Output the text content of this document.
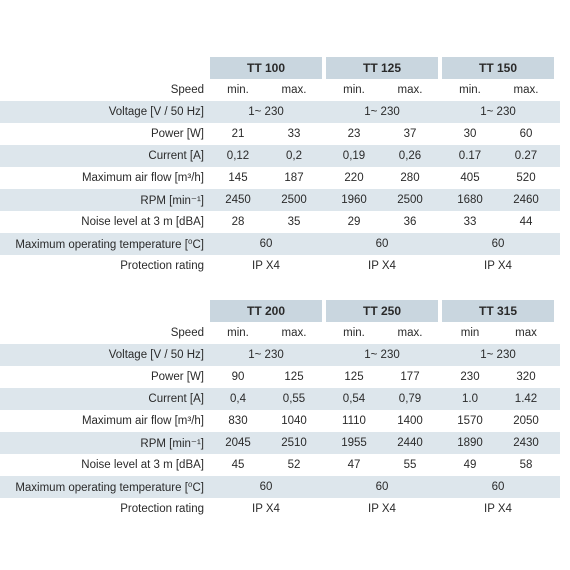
TT 100	TT 125	TT 150
Speed	min.	max.	min.	max.	min.	max.
Voltage [V / 50 Hz]	1~ 230	1~ 230	1~ 230
Power [W]	21	33	23	37	30	60
Current [A]	0,12	0,2	0,19	0,26	0.17	0.27
Maximum air flow [m³/h]	145	187	220	280	405	520
RPM [min⁻¹]	2450	2500	1960	2500	1680	2460
Noise level at 3 m [dBA]	28	35	29	36	33	44
Maximum operating temperature [⁰C]	60	60	60
Protection rating	IP X4	IP X4	IP X4
TT 200	TT 250	TT 315
Speed	min.	max.	min.	max.	min	max
Voltage [V / 50 Hz]	1~ 230	1~ 230	1~ 230
Power [W]	90	125	125	177	230	320
Current [A]	0,4	0,55	0,54	0,79	1.0	1.42
Maximum air flow [m³/h]	830	1040	1110	1400	1570	2050
RPM [min⁻¹]	2045	2510	1955	2440	1890	2430
Noise level at 3 m [dBA]	45	52	47	55	49	58
Maximum operating temperature [⁰C]	60	60	60
Protection rating	IP X4	IP X4	IP X4
